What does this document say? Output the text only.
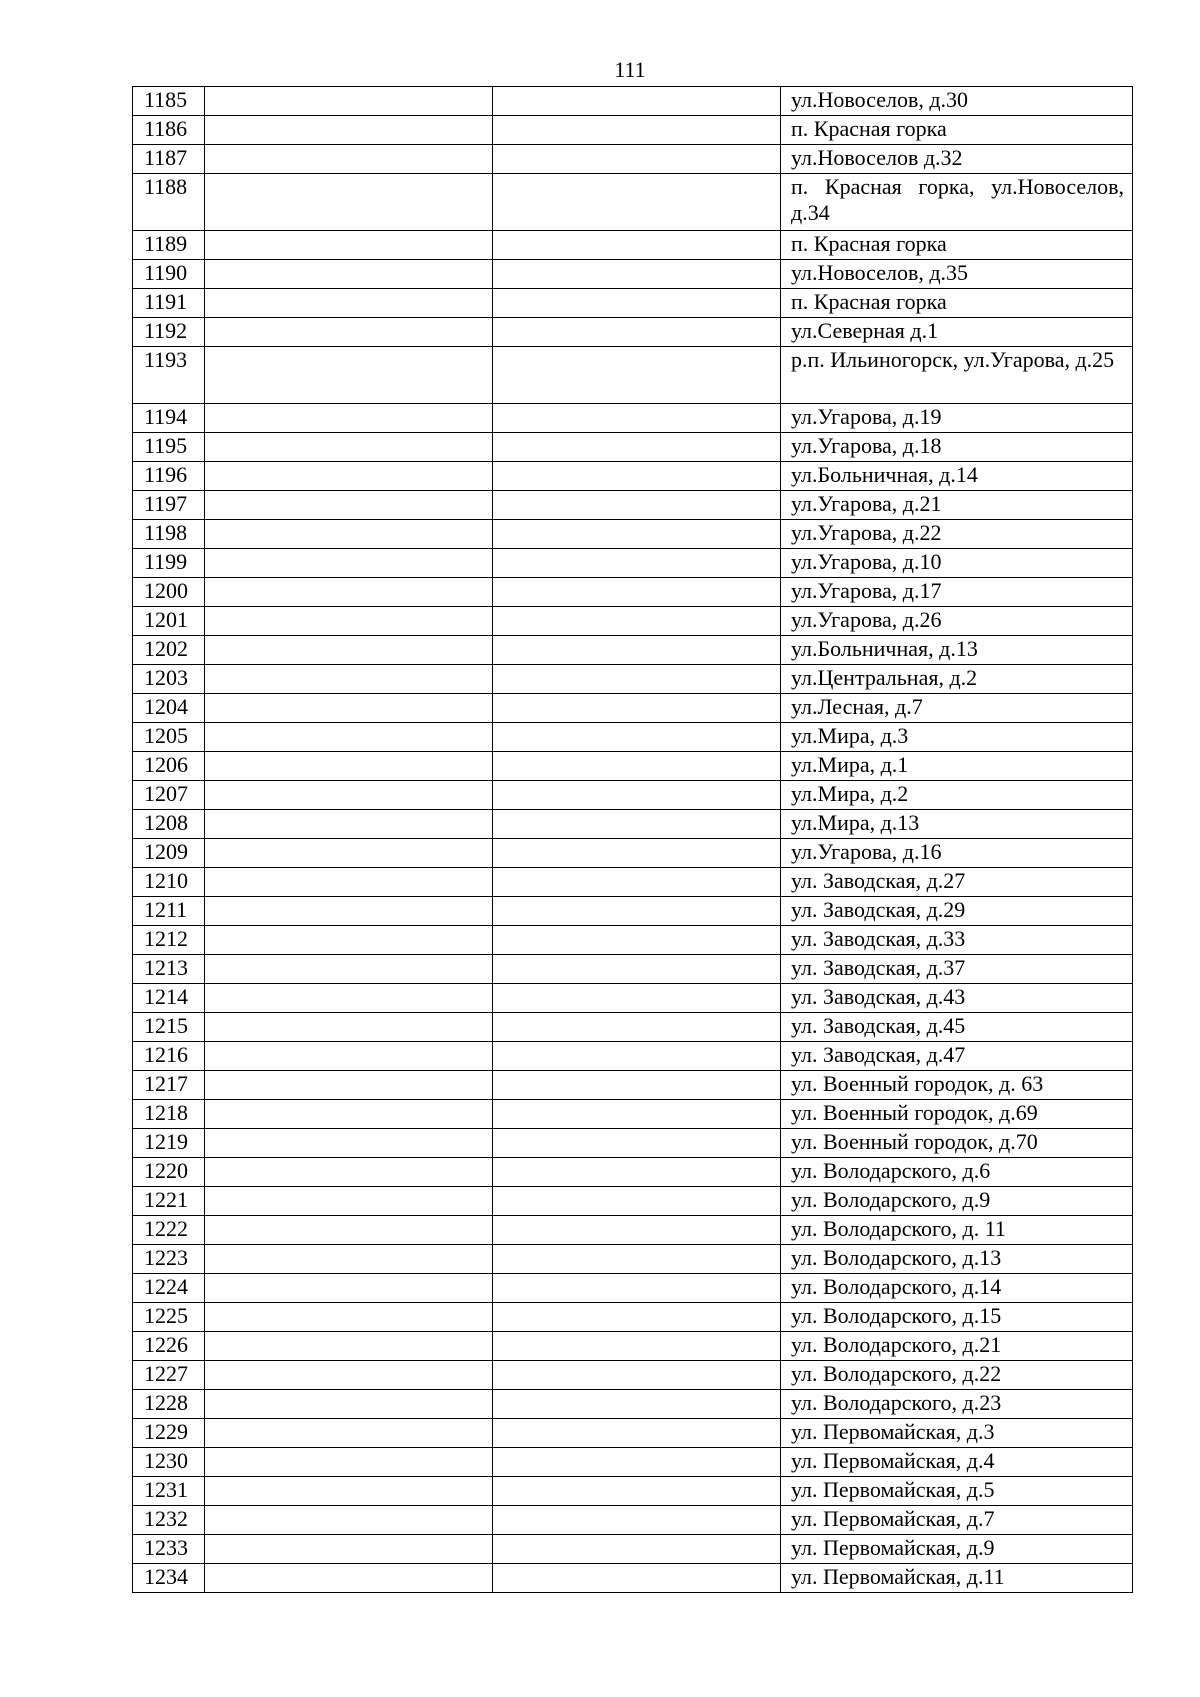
111
1185			ул.Новоселов, д.30
1186			п. Красная горка
1187			ул.Новоселов д.32
1188			п. Красная горка, ул.Новоселов, д.34
1189			п. Красная горка
1190			ул.Новоселов, д.35
1191			п. Красная горка
1192			ул.Северная д.1
1193			р.п. Ильиногорск, ул.Угарова, д.25
1194			ул.Угарова, д.19
1195			ул.Угарова, д.18
1196			ул.Больничная, д.14
1197			ул.Угарова, д.21
1198			ул.Угарова, д.22
1199			ул.Угарова, д.10
1200			ул.Угарова, д.17
1201			ул.Угарова, д.26
1202			ул.Больничная, д.13
1203			ул.Центральная, д.2
1204			ул.Лесная, д.7
1205			ул.Мира, д.3
1206			ул.Мира, д.1
1207			ул.Мира, д.2
1208			ул.Мира, д.13
1209			ул.Угарова, д.16
1210			ул. Заводская, д.27
1211			ул. Заводская, д.29
1212			ул. Заводская, д.33
1213			ул. Заводская, д.37
1214			ул. Заводская, д.43
1215			ул. Заводская, д.45
1216			ул. Заводская, д.47
1217			ул. Военный городок, д. 63
1218			ул. Военный городок, д.69
1219			ул. Военный городок, д.70
1220			ул. Володарского, д.6
1221			ул. Володарского, д.9
1222			ул. Володарского, д. 11
1223			ул. Володарского, д.13
1224			ул. Володарского, д.14
1225			ул. Володарского, д.15
1226			ул. Володарского, д.21
1227			ул. Володарского, д.22
1228			ул. Володарского, д.23
1229			ул. Первомайская, д.3
1230			ул. Первомайская, д.4
1231			ул. Первомайская, д.5
1232			ул. Первомайская, д.7
1233			ул. Первомайская, д.9
1234			ул. Первомайская, д.11
